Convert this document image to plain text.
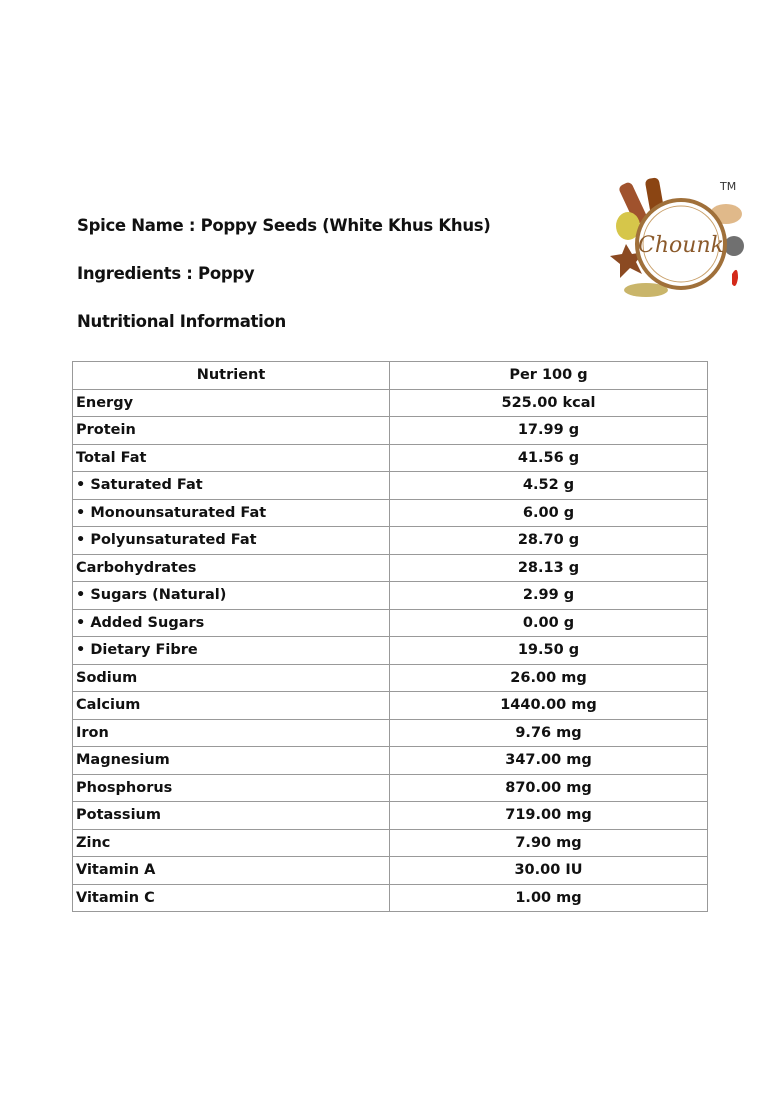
Spice Name : Poppy Seeds (White Khus Khus)
Ingredients : Poppy
Nutritional Information
Chounk
TM
Nutrient	Per 100 g
Energy	525.00 kcal
Protein	17.99 g
Total Fat	41.56 g
• Saturated Fat	4.52 g
• Monounsaturated Fat	6.00 g
• Polyunsaturated Fat	28.70 g
Carbohydrates	28.13 g
• Sugars (Natural)	2.99 g
• Added Sugars	0.00 g
• Dietary Fibre	19.50 g
Sodium	26.00 mg
Calcium	1440.00 mg
Iron	9.76 mg
Magnesium	347.00 mg
Phosphorus	870.00 mg
Potassium	719.00 mg
Zinc	7.90 mg
Vitamin A	30.00 IU
Vitamin C	1.00 mg
